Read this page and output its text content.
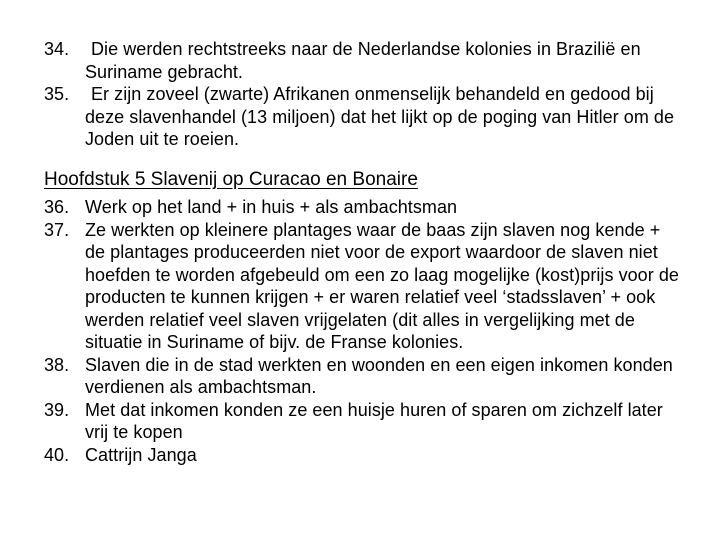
34.	Die werden rechtstreeks naar de Nederlandse kolonies in Brazilië en Suriname gebracht.
35.	Er zijn zoveel (zwarte) Afrikanen onmenselijk behandeld en gedood bij deze slavenhandel (13 miljoen) dat het lijkt op de poging van Hitler om de Joden uit te roeien.
Hoofdstuk 5 Slavenij op Curacao en Bonaire
36. Werk op het land + in huis + als ambachtsman
37. Ze werkten op kleinere plantages waar de baas zijn slaven nog kende + de plantages produceerden niet voor de export waardoor de slaven niet hoefden te worden afgebeuld om een zo laag mogelijke (kost)prijs voor de producten te kunnen krijgen + er waren relatief veel ‘stadsslaven’ + ook werden relatief veel slaven vrijgelaten (dit alles in vergelijking met de situatie in Suriname of bijv. de Franse kolonies.
38. Slaven die in de stad werkten en woonden en een eigen inkomen konden verdienen als ambachtsman.
39. Met dat inkomen konden ze een huisje huren of sparen om zichzelf later vrij te kopen
40. Cattrijn Janga
